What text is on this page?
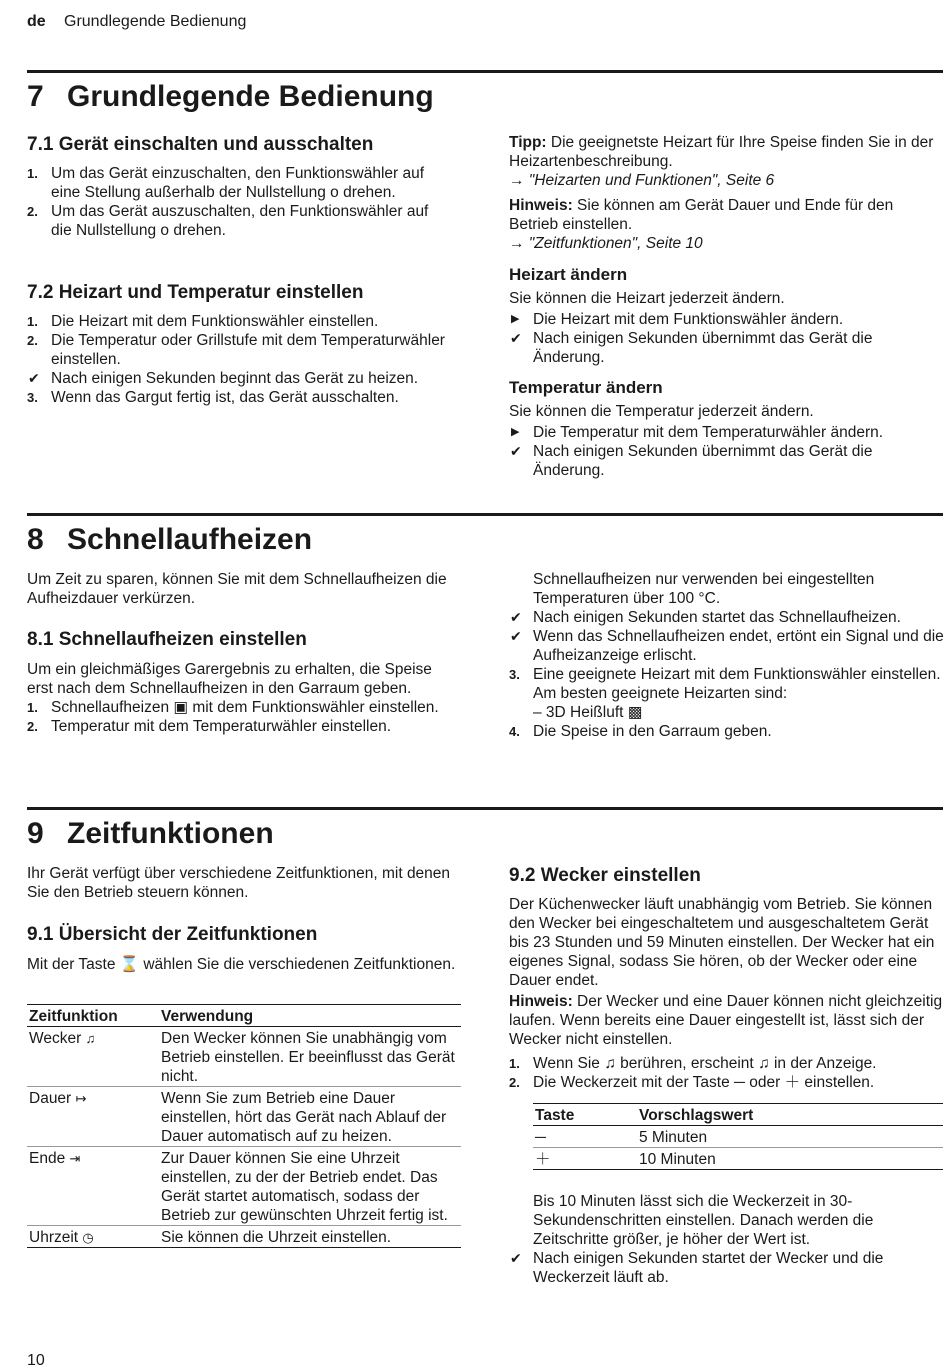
de Grundlegende Bedienung
7 Grundlegende Bedienung
7.1 Gerät einschalten und ausschalten
1. Um das Gerät einzuschalten, den Funktionswähler auf eine Stellung außerhalb der Nullstellung o drehen.
2. Um das Gerät auszuschalten, den Funktionswähler auf die Nullstellung o drehen.
7.2 Heizart und Temperatur einstellen
1. Die Heizart mit dem Funktionswähler einstellen.
2. Die Temperatur oder Grillstufe mit dem Temperaturwähler einstellen.
✔ Nach einigen Sekunden beginnt das Gerät zu heizen.
3. Wenn das Gargut fertig ist, das Gerät ausschalten.

Tipp: Die geeignetste Heizart für Ihre Speise finden Sie in der Heizartenbeschreibung.

→ "Heizarten und Funktionen", Seite 6

Hinweis: Sie können am Gerät Dauer und Ende für den Betrieb einstellen.

→ "Zeitfunktionen", Seite 10

Heizart ändern

Sie können die Heizart jederzeit ändern.

▶ Die Heizart mit dem Funktionswähler ändern.
✔ Nach einigen Sekunden übernimmt das Gerät die Änderung.
Temperatur ändern

Sie können die Temperatur jederzeit ändern.

▶ Die Temperatur mit dem Temperaturwähler ändern.
✔ Nach einigen Sekunden übernimmt das Gerät die Änderung.
8 Schnellaufheizen
Um Zeit zu sparen, können Sie mit dem Schnellaufheizen die Aufheizdauer verkürzen.
8.1 Schnellaufheizen einstellen

Um ein gleichmäßiges Garergebnis zu erhalten, die Speise erst nach dem Schnellaufheizen in den Garraum geben.

1. Schnellaufheizen ▣ mit dem Funktionswähler einstellen.
2. Temperatur mit dem Temperaturwähler einstellen.

Schnellaufheizen nur verwenden bei eingestellten Temperaturen über 100 °C.

✔ Nach einigen Sekunden startet das Schnellaufheizen.
✔ Wenn das Schnellaufheizen endet, ertönt ein Signal und die Aufheizanzeige erlischt.
3. Eine geeignete Heizart mit dem Funktionswähler einstellen.

Am besten geeignete Heizarten sind:

– 3D Heißluft ▩

4. Die Speise in den Garraum geben.
9 Zeitfunktionen
Ihr Gerät verfügt über verschiedene Zeitfunktionen, mit denen Sie den Betrieb steuern können.
9.1 Übersicht der Zeitfunktionen
Mit der Taste ⌛ wählen Sie die verschiedenen Zeitfunktionen.
Zeitfunktion	Verwendung
Wecker ♫	Den Wecker können Sie unabhängig vom Betrieb einstellen. Er beeinflusst das Gerät nicht.
Dauer ↦	Wenn Sie zum Betrieb eine Dauer einstellen, hört das Gerät nach Ablauf der Dauer automatisch auf zu heizen.
Ende ⇥	Zur Dauer können Sie eine Uhrzeit einstellen, zu der der Betrieb endet. Das Gerät startet automatisch, sodass der Betrieb zur gewünschten Uhrzeit fertig ist.
Uhrzeit ◷	Sie können die Uhrzeit einstellen.
9.2 Wecker einstellen

Der Küchenwecker läuft unabhängig vom Betrieb. Sie können den Wecker bei eingeschaltetem und ausgeschaltetem Gerät bis 23 Stunden und 59 Minuten einstellen. Der Wecker hat ein eigenes Signal, sodass Sie hören, ob der Wecker oder eine Dauer endet.

Hinweis: Der Wecker und eine Dauer können nicht gleichzeitig laufen. Wenn bereits eine Dauer eingestellt ist, lässt sich der Wecker nicht einstellen.

1. Wenn Sie ♫ berühren, erscheint ♫ in der Anzeige.
2. Die Weckerzeit mit der Taste ─ oder ＋ einstellen.
Taste	Vorschlagswert
─	5 Minuten
＋	10 Minuten

Bis 10 Minuten lässt sich die Weckerzeit in 30-Sekundenschritten einstellen. Danach werden die Zeitschritte größer, je höher der Wert ist.

✔ Nach einigen Sekunden startet der Wecker und die Weckerzeit läuft ab.
10
